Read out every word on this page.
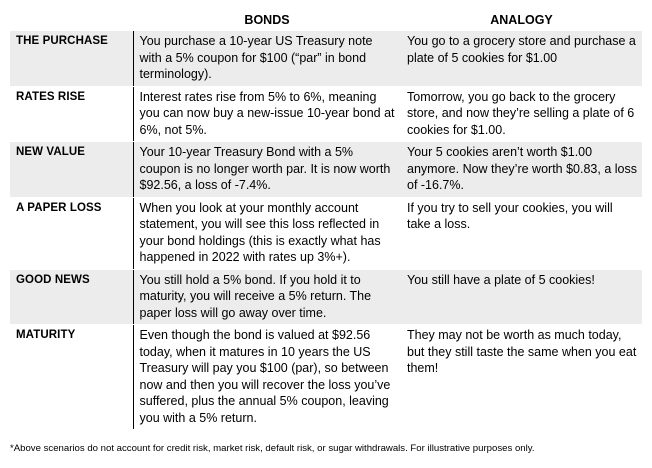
	BONDS	ANALOGY
THE PURCHASE	You purchase a 10-year US Treasury note with a 5% coupon for $100 (“par” in bond terminology).	You go to a grocery store and purchase a plate of 5 cookies for $1.00
RATES RISE	Interest rates rise from 5% to 6%, meaning you can now buy a new-issue 10-year bond at 6%, not 5%.	Tomorrow, you go back to the grocery store, and now they’re selling a plate of 6 cookies for $1.00.
NEW VALUE	Your 10-year Treasury Bond with a 5% coupon is no longer worth par. It is now worth $92.56, a loss of -7.4%.	Your 5 cookies aren’t worth $1.00 anymore. Now they’re worth $0.83, a loss of -16.7%.
A PAPER LOSS	When you look at your monthly account statement, you will see this loss reflected in your bond holdings (this is exactly what has happened in 2022 with rates up 3%+).	If you try to sell your cookies, you will take a loss.
GOOD NEWS	You still hold a 5% bond. If you hold it to maturity, you will receive a 5% return. The paper loss will go away over time.	You still have a plate of 5 cookies!
MATURITY	Even though the bond is valued at $92.56 today, when it matures in 10 years the US Treasury will pay you $100 (par), so between now and then you will recover the loss you’ve suffered, plus the annual 5% coupon, leaving you with a 5% return.	They may not be worth as much today, but they still taste the same when you eat them!
*Above scenarios do not account for credit risk, market risk, default risk, or sugar withdrawals. For illustrative purposes only.
